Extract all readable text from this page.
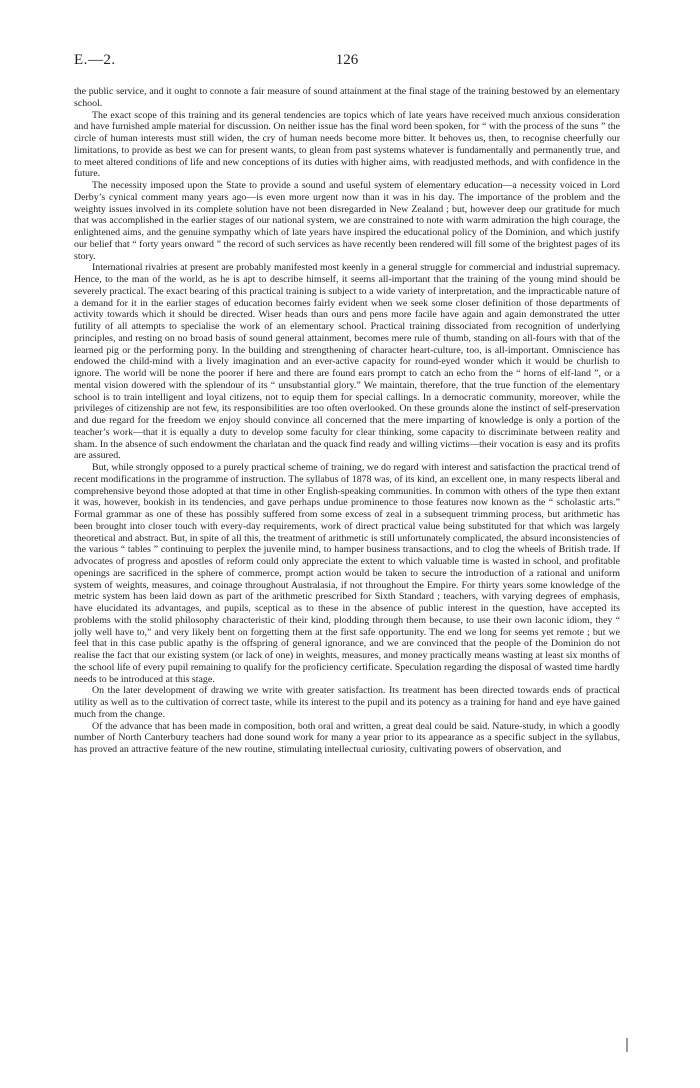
E.—2.	126

the public service, and it ought to connote a fair measure of sound attainment at the final stage of the training bestowed by an elementary school.

The exact scope of this training and its general tendencies are topics which of late years have received much anxious consideration and have furnished ample material for discussion. On neither issue has the final word been spoken, for “ with the process of the suns ” the circle of human interests must still widen, the cry of human needs become more bitter. It behoves us, then, to recognise cheerfully our limitations, to provide as best we can for present wants, to glean from past systems whatever is fundamentally and permanently true, and to meet altered conditions of life and new conceptions of its duties with higher aims, with readjusted methods, and with confidence in the future.

The necessity imposed upon the State to provide a sound and useful system of elementary education—a necessity voiced in Lord Derby’s cynical comment many years ago—is even more urgent now than it was in his day. The importance of the problem and the weighty issues involved in its complete solution have not been disregarded in New Zealand ; but, however deep our gratitude for much that was accomplished in the earlier stages of our national system, we are constrained to note with warm admiration the high courage, the enlightened aims, and the genuine sympathy which of late years have inspired the educational policy of the Dominion, and which justify our belief that “ forty years onward ” the record of such services as have recently been rendered will fill some of the brightest pages of its story.

International rivalries at present are probably manifested most keenly in a general struggle for commercial and industrial supremacy. Hence, to the man of the world, as he is apt to describe himself, it seems all-important that the training of the young mind should be severely practical. The exact bearing of this practical training is subject to a wide variety of interpretation, and the impracticable nature of a demand for it in the earlier stages of education becomes fairly evident when we seek some closer definition of those departments of activity towards which it should be directed. Wiser heads than ours and pens more facile have again and again demonstrated the utter futility of all attempts to specialise the work of an elementary school. Practical training dissociated from recognition of underlying principles, and resting on no broad basis of sound general attainment, becomes mere rule of thumb, standing on all-fours with that of the learned pig or the performing pony. In the building and strengthening of character heart-culture, too, is all-important. Omniscience has endowed the child-mind with a lively imagination and an ever-active capacity for round-eyed wonder which it would be churlish to ignore. The world will be none the poorer if here and there are found ears prompt to catch an echo from the “ horns of elf-land ”, or a mental vision dowered with the splendour of its “ unsubstantial glory.” We maintain, therefore, that the true function of the elementary school is to train intelligent and loyal citizens, not to equip them for special callings. In a democratic community, moreover, while the privileges of citizenship are not few, its responsibilities are too often overlooked. On these grounds alone the instinct of self-preservation and due regard for the freedom we enjoy should convince all concerned that the mere imparting of knowledge is only a portion of the teacher’s work—that it is equally a duty to develop some faculty for clear thinking, some capacity to discriminate between reality and sham. In the absence of such endowment the charlatan and the quack find ready and willing victims—their vocation is easy and its profits are assured.

But, while strongly opposed to a purely practical scheme of training, we do regard with interest and satisfaction the practical trend of recent modifications in the programme of instruction. The syllabus of 1878 was, of its kind, an excellent one, in many respects liberal and comprehensive beyond those adopted at that time in other English-speaking communities. In common with others of the type then extant it was, however, bookish in its tendencies, and gave perhaps undue prominence to those features now known as the “ scholastic arts.” Formal grammar as one of these has possibly suffered from some excess of zeal in a subsequent trimming process, but arithmetic has been brought into closer touch with every-day requirements, work of direct practical value being substituted for that which was largely theoretical and abstract. But, in spite of all this, the treatment of arithmetic is still unfortunately complicated, the absurd inconsistencies of the various “ tables ” continuing to perplex the juvenile mind, to hamper business transactions, and to clog the wheels of British trade. If advocates of progress and apostles of reform could only appreciate the extent to which valuable time is wasted in school, and profitable openings are sacrificed in the sphere of commerce, prompt action would be taken to secure the introduction of a rational and uniform system of weights, measures, and coinage throughout Australasia, if not throughout the Empire. For thirty years some knowledge of the metric system has been laid down as part of the arithmetic prescribed for Sixth Standard ; teachers, with varying degrees of emphasis, have elucidated its advantages, and pupils, sceptical as to these in the absence of public interest in the question, have accepted its problems with the stolid philosophy characteristic of their kind, plodding through them because, to use their own laconic idiom, they “ jolly well have to,” and very likely bent on forgetting them at the first safe opportunity. The end we long for seems yet remote ; but we feel that in this case public apathy is the offspring of general ignorance, and we are convinced that the people of the Dominion do not realise the fact that our existing system (or lack of one) in weights, measures, and money practically means wasting at least six months of the school life of every pupil remaining to qualify for the proficiency certificate. Speculation regarding the disposal of wasted time hardly needs to be introduced at this stage.

On the later development of drawing we write with greater satisfaction. Its treatment has been directed towards ends of practical utility as well as to the cultivation of correct taste, while its interest to the pupil and its potency as a training for hand and eye have gained much from the change.

Of the advance that has been made in composition, both oral and written, a great deal could be said. Nature-study, in which a goodly number of North Canterbury teachers had done sound work for many a year prior to its appearance as a specific subject in the syllabus, has proved an attractive feature of the new routine, stimulating intellectual curiosity, cultivating powers of observation, and
